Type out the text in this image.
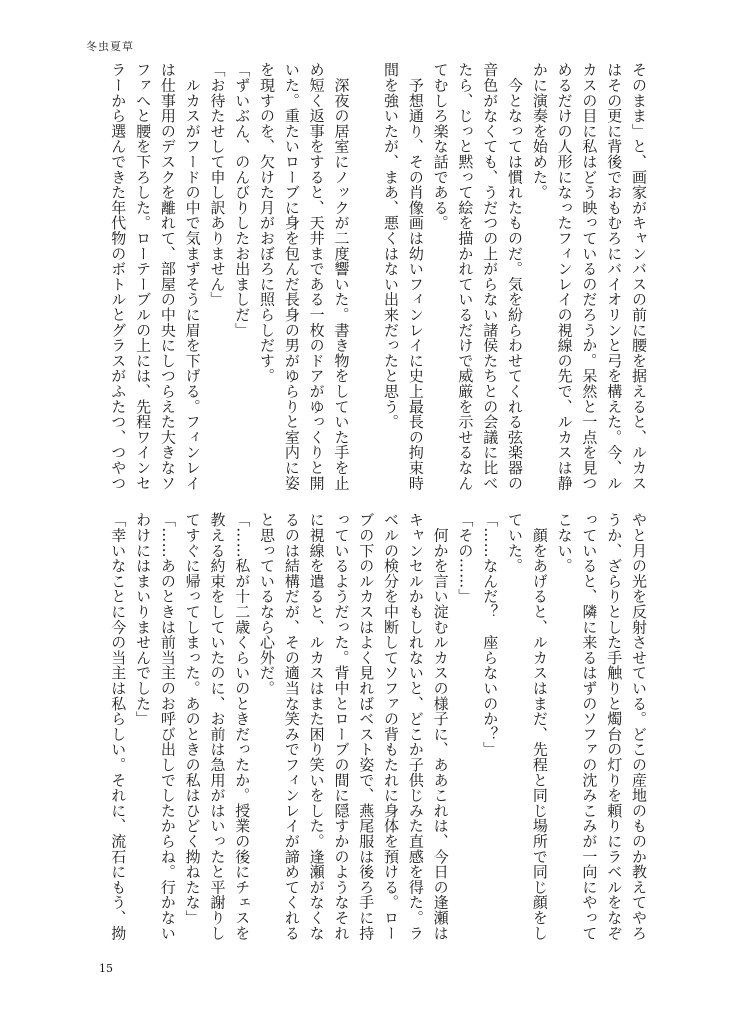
冬虫夏草
そのまま」と、画家がキャンバスの前に腰を据えると、ルカス
はその更に背後でおもむろにバイオリンと弓を構えた。今、ル
カスの目に私はどう映っているのだろうか。呆然と一点を見つ
めるだけの人形になったフィンレイの視線の先で、ルカスは静
かに演奏を始めた。
　今となっては慣れたものだ。気を紛らわせてくれる弦楽器の
音色がなくても、うだつの上がらない諸侯たちとの会議に比べ
たら、じっと黙って絵を描かれているだけで威厳を示せるなん
てむしろ楽な話である。
　予想通り、その肖像画は幼いフィンレイに史上最長の拘束時
間を強いたが、まあ、悪くはない出来だったと思う。
　深夜の居室にノックが二度響いた。書き物をしていた手を止
め短く返事をすると、天井まである一枚のドアがゆっくりと開
いた。重たいローブに身を包んだ長身の男がゆらりと室内に姿
を現すのを、欠けた月がおぼろに照らしだす。
「ずいぶん、のんびりしたお出ましだ」
「お待たせして申し訳ありません」
　ルカスがフードの中で気まずそうに眉を下げる。フィンレイ
は仕事用のデスクを離れて、部屋の中央にしつらえた大きなソ
ファへと腰を下ろした。ローテーブルの上には、先程ワインセ
ラーから選んできた年代物のボトルとグラスがふたつ、つやつ
やと月の光を反射させている。どこの産地のものか教えてやろ
うか、ざらりとした手触りと燭台の灯りを頼りにラベルをなぞ
っていると、隣に来るはずのソファの沈みこみが一向にやって
こない。
　顔をあげると、ルカスはまだ、先程と同じ場所で同じ顔をし
ていた。
「……なんだ？　座らないのか？」
「その……」
　何かを言い淀むルカスの様子に、ああこれは、今日の逢瀬は
キャンセルかもしれないと、どこか子供じみた直感を得た。ラ
ベルの検分を中断してソファの背もたれに身体を預ける。ロー
ブの下のルカスはよく見ればベスト姿で、燕尾服は後ろ手に持
っているようだった。背中とローブの間に隠すかのようなそれ
に視線を遣ると、ルカスはまた困り笑いをした。逢瀬がなくな
るのは結構だが、その適当な笑みでフィンレイが諦めてくれる
と思っているなら心外だ。
「……私が十二歳くらいのときだったか。授業の後にチェスを
教える約束をしていたのに、お前は急用がはいったと平謝りし
てすぐに帰ってしまった。あのときの私はひどく拗ねたな」
「……あのときは前当主のお呼び出しでしたからね。行かない
わけにはまいりませんでした」
「幸いなことに今の当主は私らしい。それに、流石にもう、拗
15
